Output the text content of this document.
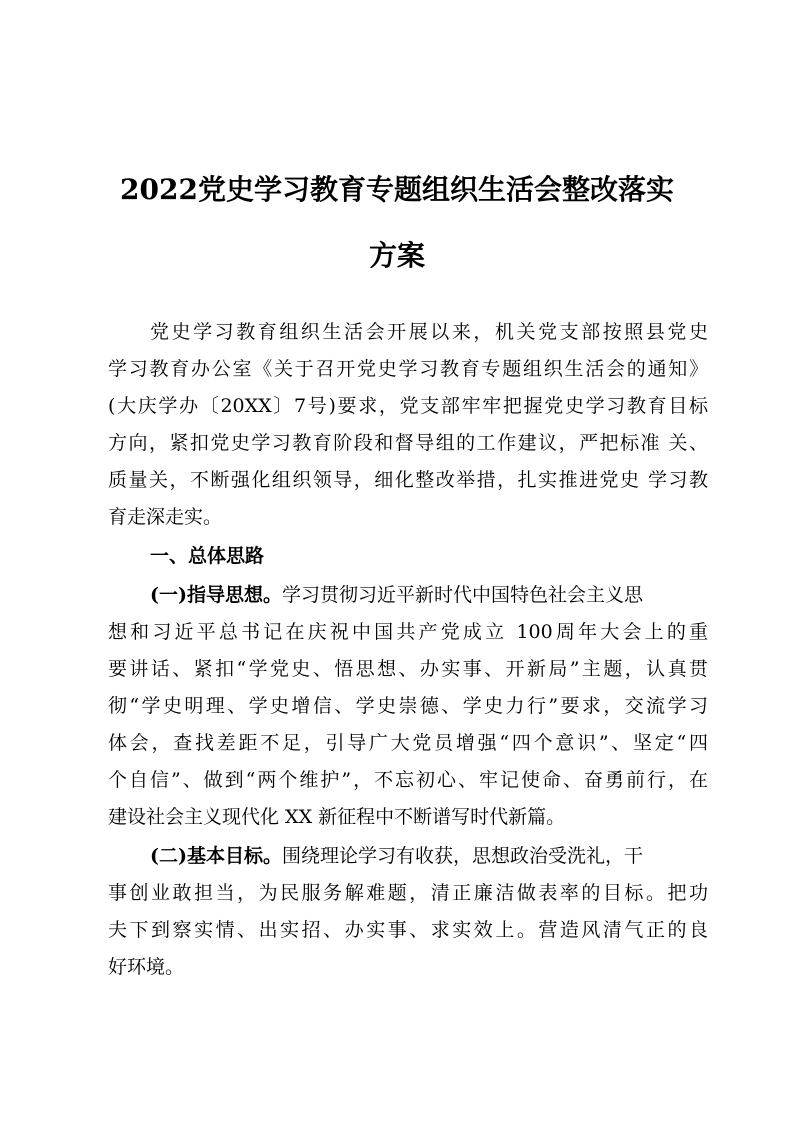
2022党史学习教育专题组织生活会整改落实
方案
党史学习教育组织生活会开展以来，机关党支部按照县党史
学习教育办公室《关于召开党史学习教育专题组织生活会的通知》
(大庆学办〔20XX〕7号)要求，党支部牢牢把握党史学习教育目标
方向，紧扣党史学习教育阶段和督导组的工作建议，严把标准 关、
质量关，不断强化组织领导，细化整改举措，扎实推进党史 学习教
育走深走实。
一、总体思路
(一)指导思想。学习贯彻习近平新时代中国特色社会主义思
想和习近平总书记在庆祝中国共产党成立 100周年大会上的重
要讲话、紧扣“学党史、悟思想、办实事、开新局”主题，认真贯
彻“学史明理、学史增信、学史崇德、学史力行”要求，交流学习
体会，查找差距不足，引导广大党员增强“四个意识”、坚定“四
个自信”、做到“两个维护”，不忘初心、牢记使命、奋勇前行，在
建设社会主义现代化 XX 新征程中不断谱写时代新篇。
(二)基本目标。围绕理论学习有收获，思想政治受洗礼，干
事创业敢担当，为民服务解难题，清正廉洁做表率的目标。把功
夫下到察实情、出实招、办实事、求实效上。营造风清气正的良
好环境。
